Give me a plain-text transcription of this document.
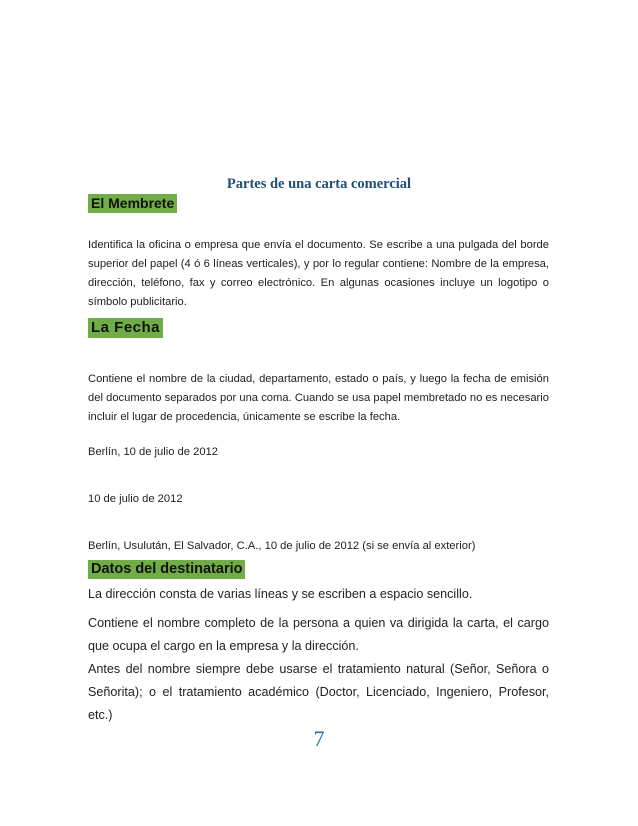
Partes de una carta comercial
El Membrete
Identifica la oficina o empresa que envía el documento. Se escribe a una pulgada del borde superior del papel (4 ó 6 líneas verticales), y por lo regular contiene: Nombre de la empresa, dirección, teléfono, fax y correo electrónico. En algunas ocasiones incluye un logotipo o símbolo publicitario.
La Fecha
Contiene el nombre de la ciudad, departamento, estado o país, y luego la fecha de emisión del documento separados por una coma. Cuando se usa papel membretado no es necesario incluir el lugar de procedencia, únicamente se escribe la fecha.
Berlín, 10 de julio de 2012
10 de julio de 2012
Berlín, Usulután, El Salvador, C.A., 10 de julio de 2012 (si se envía al exterior)
Datos del destinatario
La dirección consta de varias líneas y se escriben a espacio sencillo.
Contiene el nombre completo de la persona a quien va dirigida la carta, el cargo que ocupa el cargo en la empresa y la dirección.
Antes del nombre siempre debe usarse el tratamiento natural (Señor, Señora o Señorita); o el tratamiento académico (Doctor, Licenciado, Ingeniero, Profesor, etc.)
7
